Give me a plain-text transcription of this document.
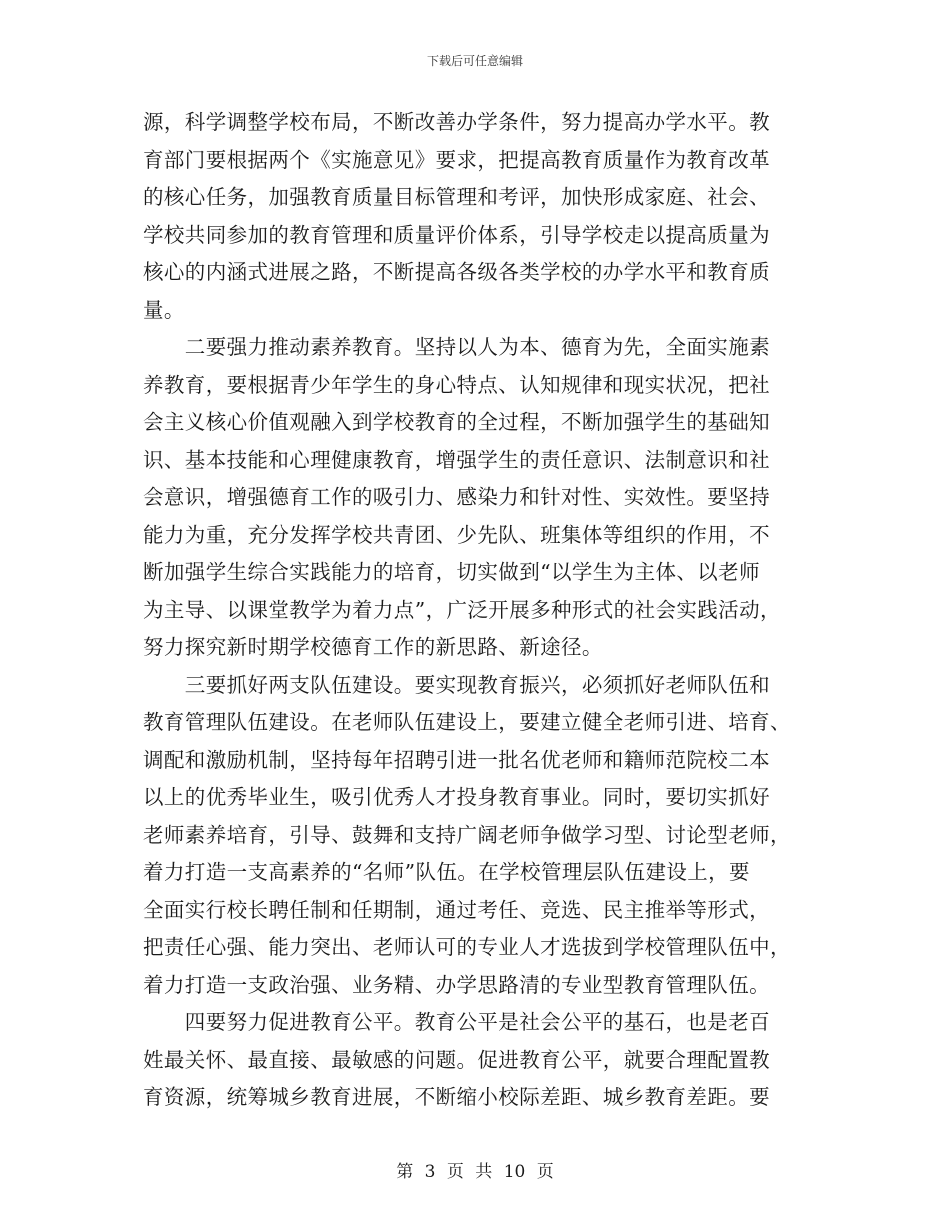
下载后可任意编辑
源，科学调整学校布局，不断改善办学条件，努力提高办学水平。教
育部门要根据两个《实施意见》要求，把提高教育质量作为教育改革
的核心任务，加强教育质量目标管理和考评，加快形成家庭、社会、
学校共同参加的教育管理和质量评价体系，引导学校走以提高质量为
核心的内涵式进展之路，不断提高各级各类学校的办学水平和教育质
量。
　　二要强力推动素养教育。坚持以人为本、德育为先，全面实施素
养教育，要根据青少年学生的身心特点、认知规律和现实状况，把社
会主义核心价值观融入到学校教育的全过程，不断加强学生的基础知
识、基本技能和心理健康教育，增强学生的责任意识、法制意识和社
会意识，增强德育工作的吸引力、感染力和针对性、实效性。要坚持
能力为重，充分发挥学校共青团、少先队、班集体等组织的作用，不
断加强学生综合实践能力的培育，切实做到“以学生为主体、以老师
为主导、以课堂教学为着力点”，广泛开展多种形式的社会实践活动，
努力探究新时期学校德育工作的新思路、新途径。
　　三要抓好两支队伍建设。要实现教育振兴，必须抓好老师队伍和
教育管理队伍建设。在老师队伍建设上，要建立健全老师引进、培育、
调配和激励机制，坚持每年招聘引进一批名优老师和籍师范院校二本
以上的优秀毕业生，吸引优秀人才投身教育事业。同时，要切实抓好
老师素养培育，引导、鼓舞和支持广阔老师争做学习型、讨论型老师，
着力打造一支高素养的“名师”队伍。在学校管理层队伍建设上，要
全面实行校长聘任制和任期制，通过考任、竞选、民主推举等形式，
把责任心强、能力突出、老师认可的专业人才选拔到学校管理队伍中，
着力打造一支政治强、业务精、办学思路清的专业型教育管理队伍。
　　四要努力促进教育公平。教育公平是社会公平的基石，也是老百
姓最关怀、最直接、最敏感的问题。促进教育公平，就要合理配置教
育资源，统筹城乡教育进展，不断缩小校际差距、城乡教育差距。要
第 3 页 共 10 页
